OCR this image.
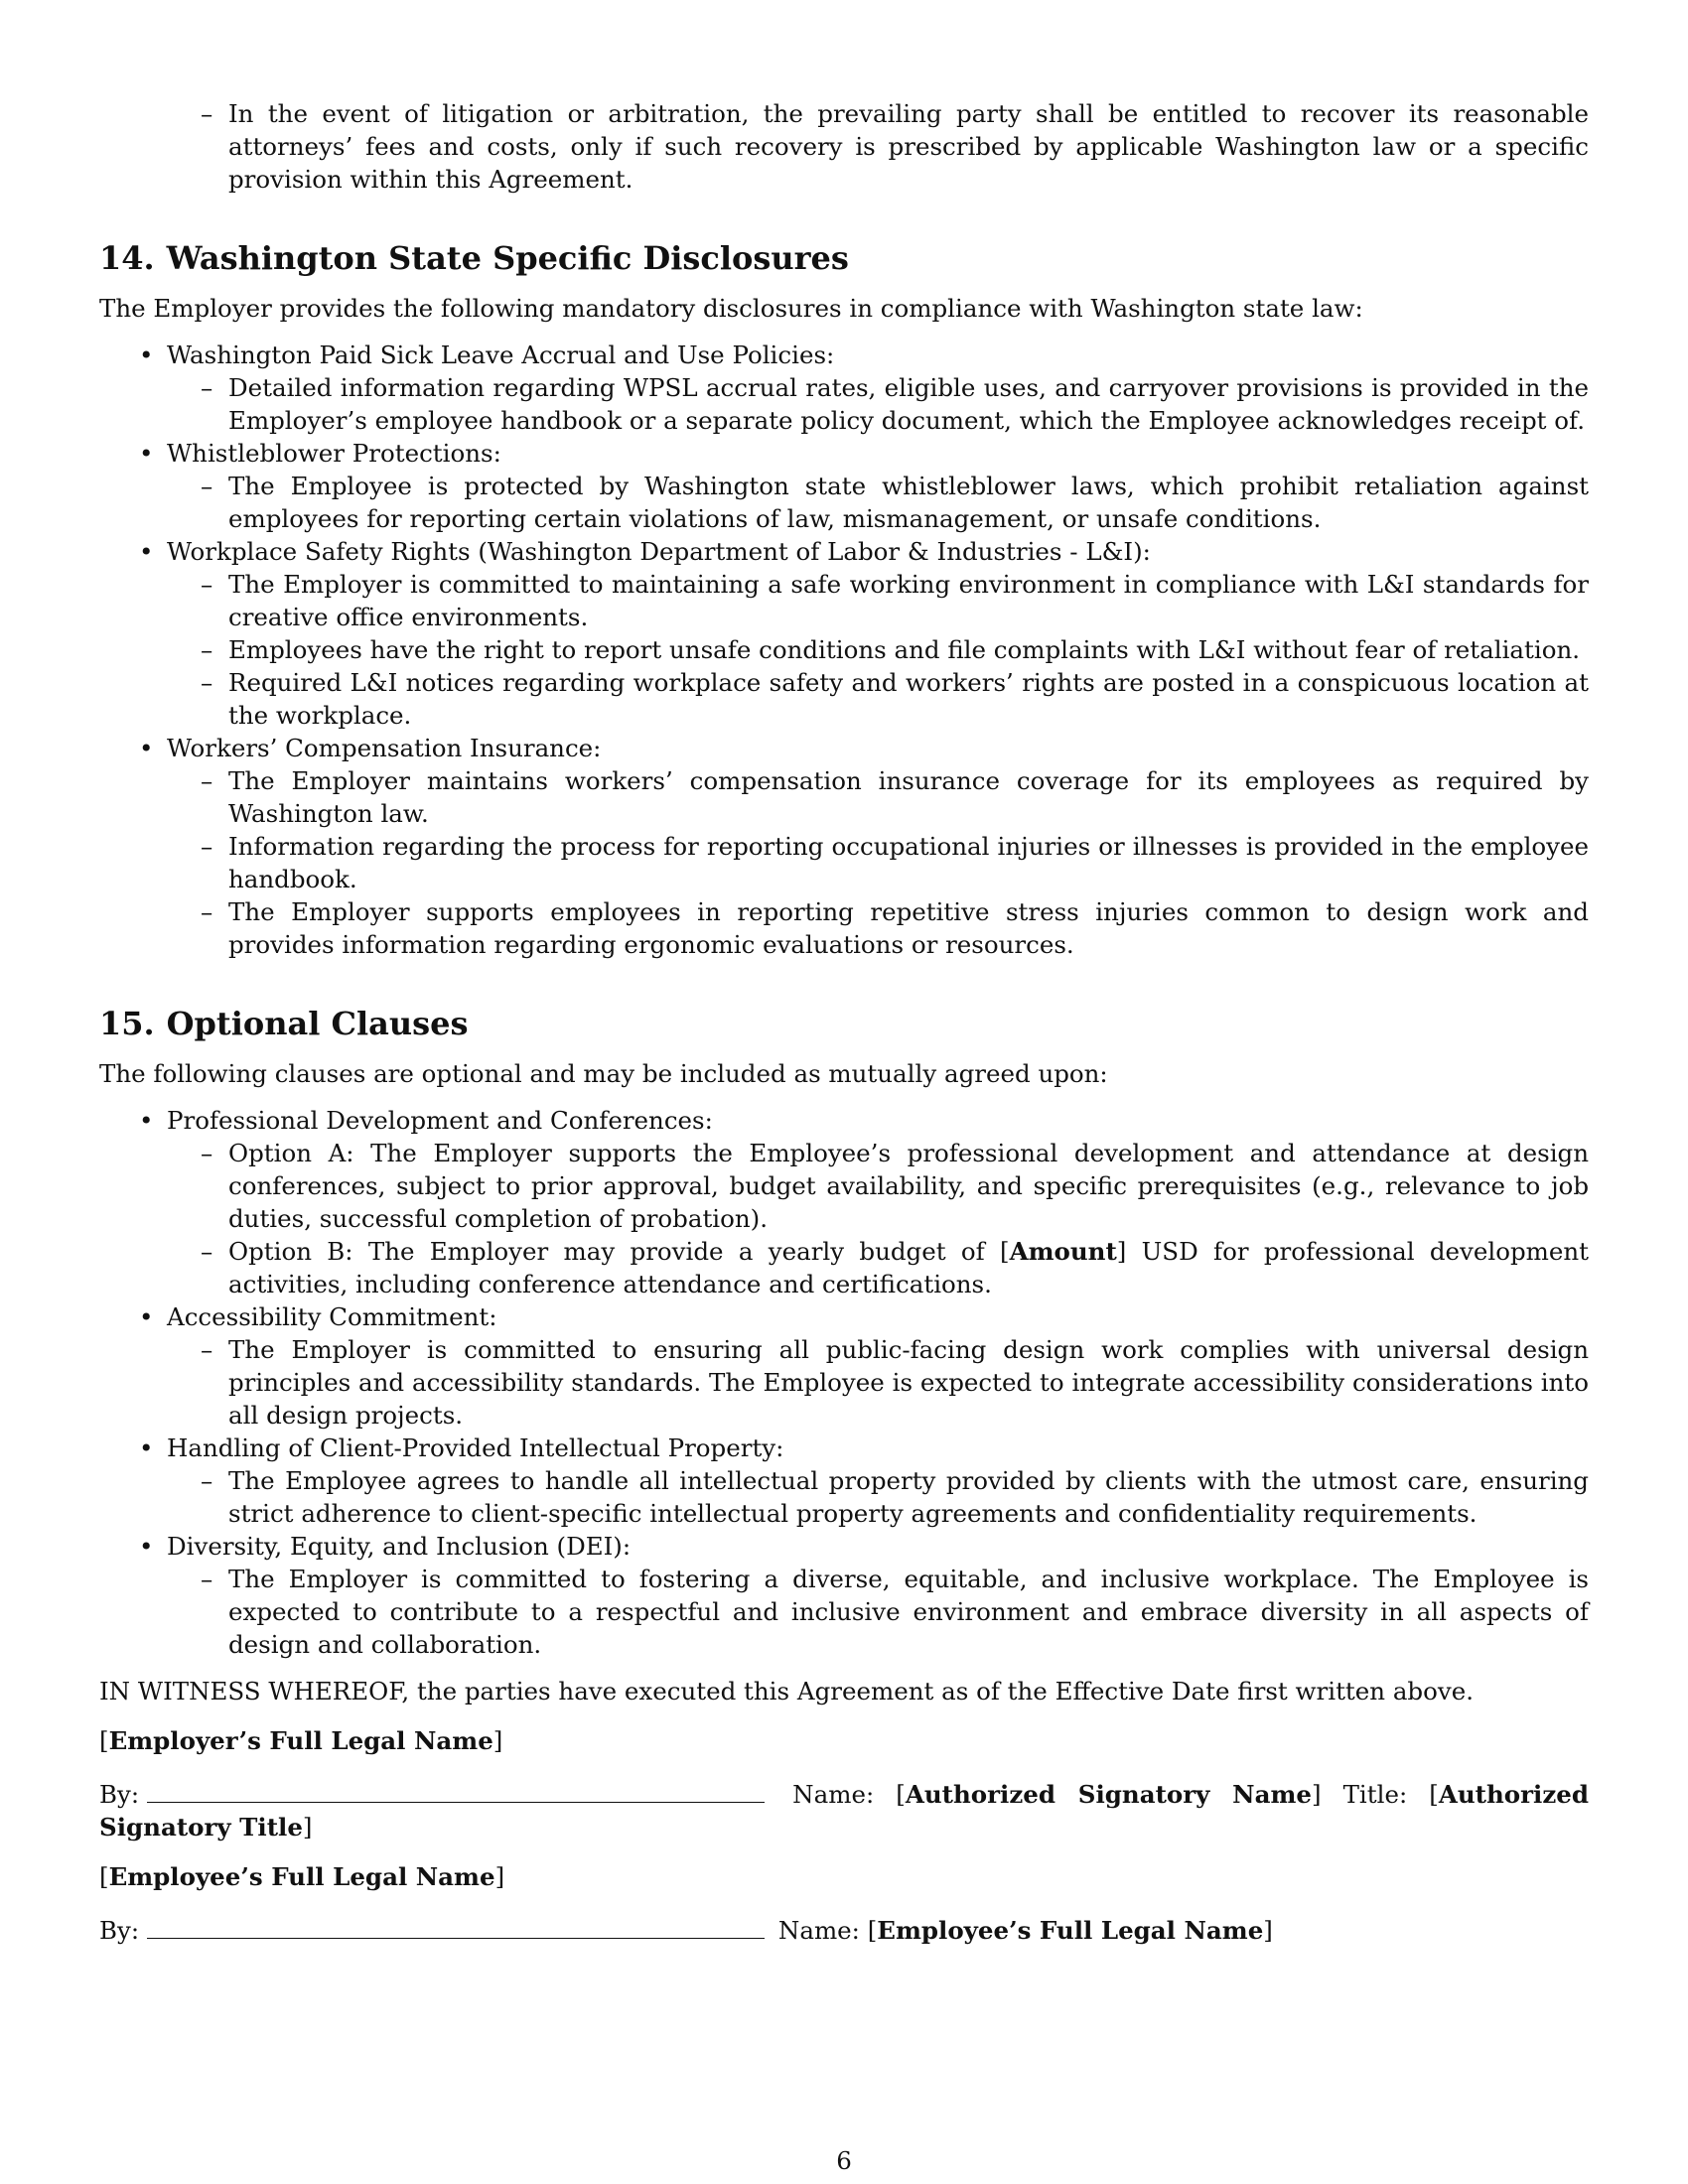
– In the event of litigation or arbitration, the prevailing party shall be entitled to recover its reasonable attorneys’ fees and costs, only if such recovery is prescribed by applicable Washington law or a specific provision within this Agreement.
14. Washington State Specific Disclosures

The Employer provides the following mandatory disclosures in compliance with Washington state law:

• Washington Paid Sick Leave Accrual and Use Policies:
– Detailed information regarding WPSL accrual rates, eligible uses, and carryover provisions is provided in the Employer’s employee handbook or a separate policy document, which the Employee acknowledges receipt of.
• Whistleblower Protections:
– The Employee is protected by Washington state whistleblower laws, which prohibit retaliation against employees for reporting certain violations of law, mismanagement, or unsafe conditions.
• Workplace Safety Rights (Washington Department of Labor & Industries - L&I):
– The Employer is committed to maintaining a safe working environment in compliance with L&I standards for creative office environments.
– Employees have the right to report unsafe conditions and file complaints with L&I without fear of retaliation.
– Required L&I notices regarding workplace safety and workers’ rights are posted in a conspicuous location at the workplace.
• Workers’ Compensation Insurance:
– The Employer maintains workers’ compensation insurance coverage for its employees as required by Washington law.
– Information regarding the process for reporting occupational injuries or illnesses is provided in the employee handbook.
– The Employer supports employees in reporting repetitive stress injuries common to design work and provides information regarding ergonomic evaluations or resources.
15. Optional Clauses

The following clauses are optional and may be included as mutually agreed upon:

• Professional Development and Conferences:
– Option A: The Employer supports the Employee’s professional development and attendance at design conferences, subject to prior approval, budget availability, and specific prerequisites (e.g., relevance to job duties, successful completion of probation).
– Option B: The Employer may provide a yearly budget of [Amount] USD for professional development activities, including conference attendance and certifications.
• Accessibility Commitment:
– The Employer is committed to ensuring all public-facing design work complies with universal design principles and accessibility standards. The Employee is expected to integrate accessibility considerations into all design projects.
• Handling of Client-Provided Intellectual Property:
– The Employee agrees to handle all intellectual property provided by clients with the utmost care, ensuring strict adherence to client-specific intellectual property agreements and confidentiality requirements.
• Diversity, Equity, and Inclusion (DEI):
– The Employer is committed to fostering a diverse, equitable, and inclusive workplace. The Employee is expected to contribute to a respectful and inclusive environment and embrace diversity in all aspects of design and collaboration.

IN WITNESS WHEREOF, the parties have executed this Agreement as of the Effective Date first written above.

[Employer’s Full Legal Name]

By:	Name: [Authorized Signatory Name] Title: [Authorized Signatory Title]

[Employee’s Full Legal Name]

By:	Name: [Employee’s Full Legal Name]

6
